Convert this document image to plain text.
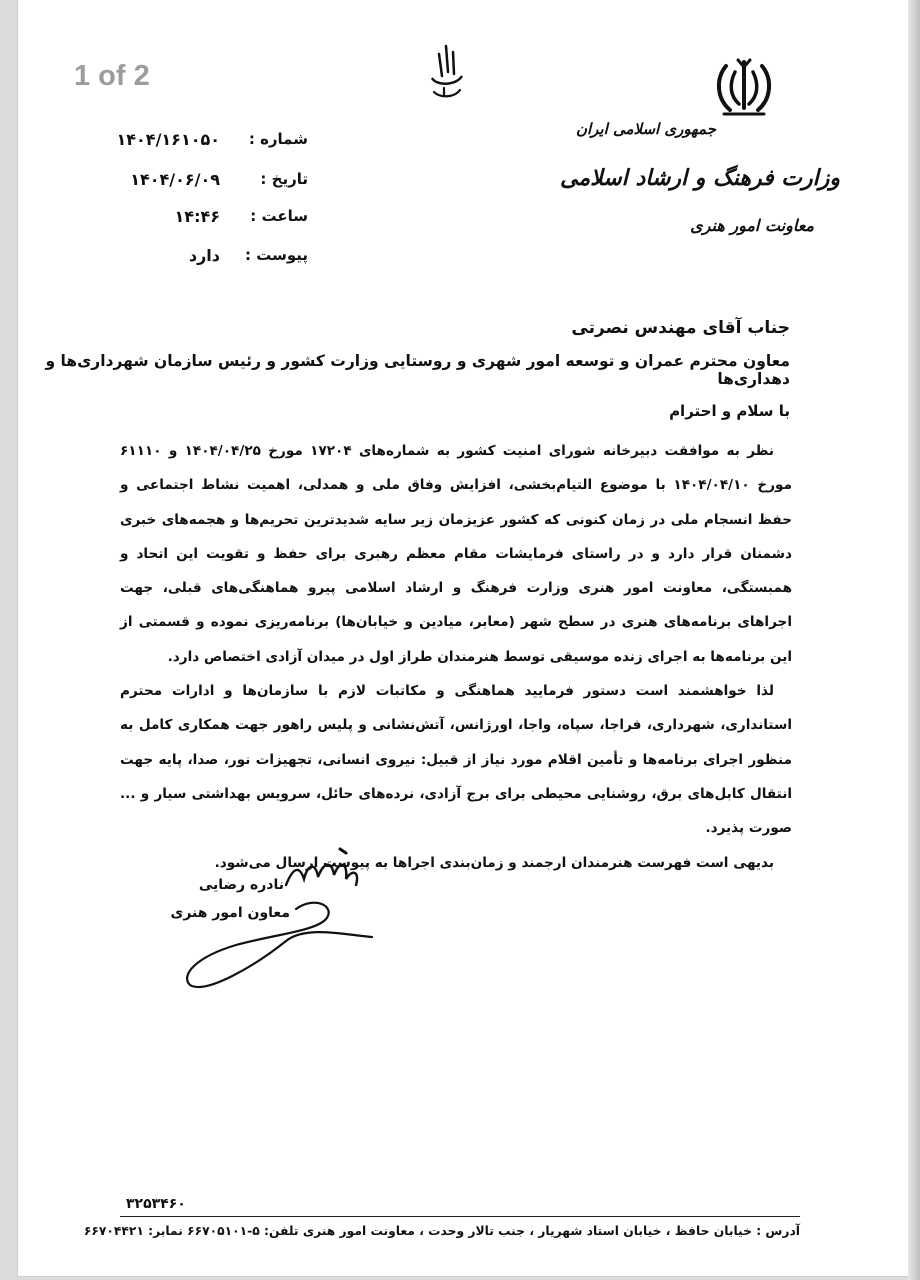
1 of 2
جمهوری اسلامی ایران
وزارت فرهنگ و ارشاد اسلامی
معاونت امور هنری
شماره :
۱۴۰۴/۱۶۱۰۵۰
تاریخ :
۱۴۰۴/۰۶/۰۹
ساعت :
۱۴:۴۶
پیوست :
دارد
جناب آقای مهندس نصرتی
معاون محترم عمران و توسعه امور شهری و روستایی وزارت کشور و رئیس سازمان شهرداری‌ها و دهداری‌ها
با سلام و احترام

نظر به موافقت دبیرخانه شورای امنیت کشور به شماره‌های ۱۷۲۰۴ مورخ ۱۴۰۴/۰۴/۲۵ و ۶۱۱۱۰ مورخ ۱۴۰۴/۰۴/۱۰ با موضوع التیام‌بخشی، افزایش وفاق ملی و همدلی، اهمیت نشاط اجتماعی و حفظ انسجام ملی در زمان کنونی که کشور عزیزمان زیر سایه شدیدترین تحریم‌ها و هجمه‌های خبری دشمنان قرار دارد و در راستای فرمایشات مقام معظم رهبری برای حفظ و تقویت این اتحاد و همبستگی، معاونت امور هنری وزارت فرهنگ و ارشاد اسلامی پیرو هماهنگی‌های قبلی، جهت اجراهای برنامه‌های هنری در سطح شهر (معابر، میادین و خیابان‌ها) برنامه‌ریزی نموده و قسمتی از این برنامه‌ها به اجرای زنده موسیقی توسط هنرمندان طراز اول در میدان آزادی اختصاص دارد.

لذا خواهشمند است دستور فرمایید هماهنگی و مکاتبات لازم با سازمان‌ها و ادارات محترم استانداری، شهرداری، فراجا، سپاه، واجا، اورژانس، آتش‌نشانی و پلیس راهور جهت همکاری کامل به منظور اجرای برنامه‌ها و تأمین اقلام مورد نیاز از قبیل: نیروی انسانی، تجهیزات نور، صدا، پایه جهت انتقال کابل‌های برق، روشنایی محیطی برای برج آزادی، نرده‌های حائل، سرویس بهداشتی سیار و ... صورت پذیرد.

بدیهی است فهرست هنرمندان ارجمند و زمان‌بندی اجراها به پیوست ارسال می‌شود.

نادره رضایی
معاون امور هنری
۳۲۵۳۴۶۰
آدرس : خیابان حافظ ، خیابان استاد شهریار ، جنب تالار وحدت ، معاونت امور هنری تلفن: ۵-۶۶۷۰۵۱۰۱ نمابر: ۶۶۷۰۴۴۲۱
